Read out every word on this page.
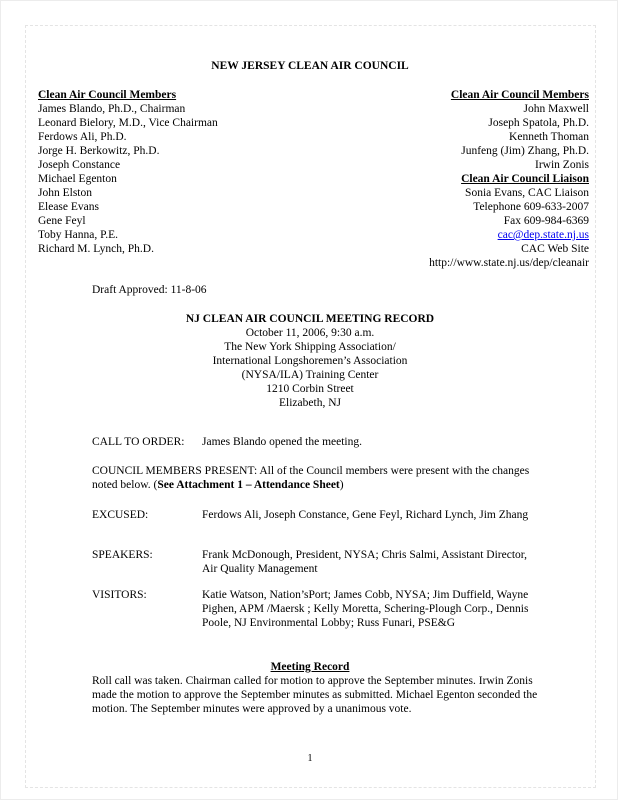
NEW JERSEY CLEAN AIR COUNCIL
Clean Air Council Members
James Blando, Ph.D., Chairman
Leonard Bielory, M.D., Vice Chairman
Ferdows Ali, Ph.D.
Jorge H. Berkowitz, Ph.D.
Joseph Constance
Michael Egenton
John Elston
Elease Evans
Gene Feyl
Toby Hanna, P.E.
Richard M. Lynch, Ph.D.
Clean Air Council Members
John Maxwell
Joseph Spatola, Ph.D.
Kenneth Thoman
Junfeng (Jim) Zhang, Ph.D.
Irwin Zonis
Clean Air Council Liaison
Sonia Evans, CAC Liaison
Telephone 609-633-2007
Fax 609-984-6369
cac@dep.state.nj.us
CAC Web Site
http://www.state.nj.us/dep/cleanair
Draft Approved: 11-8-06
NJ CLEAN AIR COUNCIL MEETING RECORD
October 11, 2006, 9:30 a.m.
The New York Shipping Association/
International Longshoremen’s Association
(NYSA/ILA) Training Center
1210 Corbin Street
Elizabeth, NJ
CALL TO ORDER: James Blando opened the meeting.
COUNCIL MEMBERS PRESENT: All of the Council members were present with the changes noted below. (See Attachment 1 – Attendance Sheet)
EXCUSED:	Ferdows Ali, Joseph Constance, Gene Feyl, Richard Lynch, Jim Zhang
SPEAKERS:	Frank McDonough, President, NYSA; Chris Salmi, Assistant Director, Air Quality Management
VISITORS:	Katie Watson, Nation’sPort; James Cobb, NYSA; Jim Duffield, Wayne Pighen, APM /Maersk ; Kelly Moretta, Schering-Plough Corp., Dennis Poole, NJ Environmental Lobby; Russ Funari, PSE&G
Meeting Record
Roll call was taken. Chairman called for motion to approve the September minutes. Irwin Zonis made the motion to approve the September minutes as submitted. Michael Egenton seconded the motion. The September minutes were approved by a unanimous vote.
1
